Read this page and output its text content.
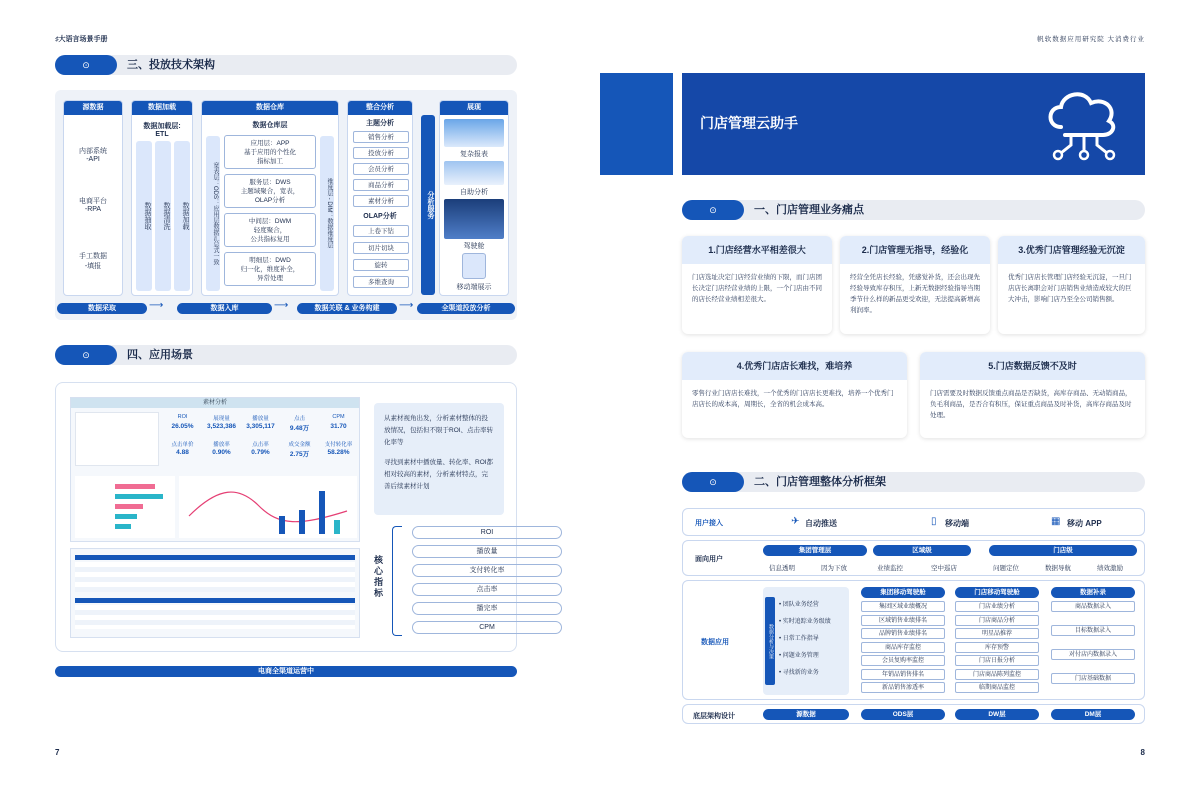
♯大语言场景手册
⊙	三、投放技术架构
源数据
内部系统
-API
电商平台
-RPA
手工数据
-填报
数据加载
数据加载层:
ETL
数据抽取	数据清洗	数据加载
数据仓库
数据仓库层
宽表层：ODS：应用层数据汇总式一致	维度层 - DIM：数据维度层
应用层：APP
基于应用的个性化
指标加工
服务层：DWS
主题域聚合，宽表，
OLAP分析
中间层：DWM
轻度聚合，
公共指标复用
明细层：DWD
归一化，维度补全，
异常处理
整合分析
主题分析
销售分析
投放分析
会员分析
商品分析
素材分析
OLAP分析
上卷下钻
切片切块
旋转
多维查询
分析服务
展现
复杂报表
自助分析
驾驶舱
移动端展示
数据采取	数据入库	数据关联 & 业务构建	全渠道投放分析
⟶	⟶	⟶
⊙	四、应用场景
素材分析
ROI
26.05%
展现量
3,523,386
播放量
3,305,117
点击
9.48万
CPM
31.70
点击单价
4.88
播放率
0.90%
点击率
0.79%
成交金额
2.75万
支付转化率
58.28%
从素材视角出发，分析素材整体的投放情况，包括但不限于ROI、点击率转化率等
寻找到素材中播放量、转化率、ROI都相对较高的素材，分析素材特点，完善后续素材计划
核心指标
ROI
播放量
支付转化率
点击率
播完率
CPM
电商全渠道运营中
7
帆软数据应用研究院 大消费行业
门店管理云助手
⊙	一、门店管理业务痛点
1.门店经营水平相差很大
门店选址决定门店经营业绩的下限，而门店团长决定门店经营业绩的上限，一个门店由不同的店长经营业绩相差很大。
2.门店管理无指导，经验化
经营全凭店长经验，凭感觉补货，还会出现先经验导致库存积压，上新无数据经验指导当期季节什么样的新品更受欢迎，无法提高新增高利润率。
3.优秀门店管理经验无沉淀
优秀门店店长管理门店经验无沉淀，一旦门店店长离职会对门店销售业绩造成较大的巨大冲击，影响门店乃至全公司销售额。
4.优秀门店店长难找，难培养
零售行业门店店长难找，一个优秀的门店店长更难找，培养一个优秀门店店长的成本高，周期长，全省的机会成本高。
5.门店数据反馈不及时
门店需要及时数据反馈重点商品是否缺货，高库存商品、无动销商品，负毛利商品，是否合有积压，保证重点商品及时补货，高库存商品及时处理。
⊙	二、门店管理整体分析框架
用户接入	✈ 自动推送	▯ 移动端	▦ 移动 APP
面向用户
集团管理层
信息透明	因为下放
区域级
业绩监控	空中巡店
门店级
问题定位	数据导航	绩效激励
数据应用	数据分析与决策
• 团队业务经营
• 实时追踪业务级绩
• 日常工作指导
• 问题业务管理
• 寻找新的业务
集团移动驾驶舱
集团区域业绩概况
区域销售业绩排名
品牌销售业绩排名
商品库存监控
会员复购率监控
年销品销售排名
新品销售渗透率
门店移动驾驶舱
门店业绩分析
门店商品分析
明星品推荐
库存预警
门店日报分析
门店商品陈列监控
临期商品监控
数据补录
商品数据录入
目标数据录入
对付店内数据录入
门店基础数据
底层架构设计	源数据	ODS层	DW层	DM层
8
